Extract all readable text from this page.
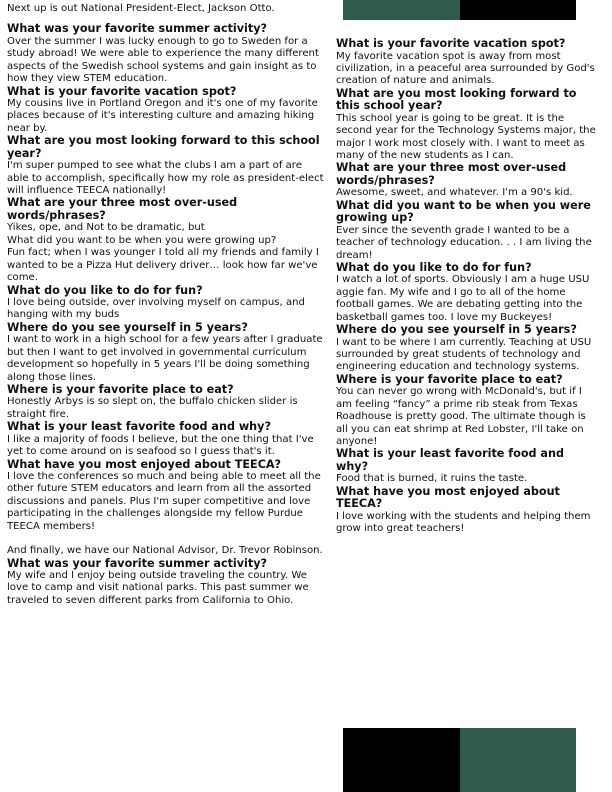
Next up is out National President-Elect, Jackson Otto.

What was your favorite summer activity?

Over the summer I was lucky enough to go to Sweden for a study abroad! We were able to experience the many different aspects of the Swedish school systems and gain insight as to how they view STEM education.

What is your favorite vacation spot?

My cousins live in Portland Oregon and it's one of my favorite places because of it's interesting culture and amazing hiking near by.

What are you most looking forward to this school year?

I'm super pumped to see what the clubs I am a part of are able to accomplish, specifically how my role as president-elect will influence TEECA nationally!

What are your three most over-used words/phrases?

Yikes, ope, and Not to be dramatic, but

What did you want to be when you were growing up?

Fun fact; when I was younger I told all my friends and family I wanted to be a Pizza Hut delivery driver… look how far we've come.

What do you like to do for fun?

I love being outside, over involving myself on campus, and hanging with my buds

Where do you see yourself in 5 years?

I want to work in a high school for a few years after I graduate but then I want to get involved in governmental curriculum development so hopefully in 5 years I'll be doing something along those lines.

Where is your favorite place to eat?

Honestly Arbys is so slept on, the buffalo chicken slider is straight fire.

What is your least favorite food and why?

I like a majority of foods I believe, but the one thing that I've yet to come around on is seafood so I guess that's it.

What have you most enjoyed about TEECA?

I love the conferences so much and being able to meet all the other future STEM educators and learn from all the assorted discussions and panels. Plus I'm super competitive and love participating in the challenges alongside my fellow Purdue TEECA members!

And finally, we have our National Advisor, Dr. Trevor Robinson.

What was your favorite summer activity?

My wife and I enjoy being outside traveling the country. We love to camp and visit national parks. This past summer we traveled to seven different parks from California to Ohio.

What is your favorite vacation spot?

My favorite vacation spot is away from most civilization, in a peaceful area surrounded by God's creation of nature and animals.

What are you most looking forward to this school year?

This school year is going to be great. It is the second year for the Technology Systems major, the major I work most closely with. I want to meet as many of the new students as I can.

What are your three most over-used words/phrases?

Awesome, sweet, and whatever. I'm a 90's kid.

What did you want to be when you were growing up?

Ever since the seventh grade I wanted to be a teacher of technology education. . . I am living the dream!

What do you like to do for fun?

I watch a lot of sports. Obviously I am a huge USU aggie fan. My wife and I go to all of the home football games. We are debating getting into the basketball games too. I love my Buckeyes!

Where do you see yourself in 5 years?

I want to be where I am currently. Teaching at USU surrounded by great students of technology and engineering education and technology systems.

Where is your favorite place to eat?

You can never go wrong with McDonald's, but if I am feeling “fancy” a prime rib steak from Texas Roadhouse is pretty good. The ultimate though is all you can eat shrimp at Red Lobster, I'll take on anyone!

What is your least favorite food and why?

Food that is burned, it ruins the taste.

What have you most enjoyed about TEECA?

I love working with the students and helping them grow into great teachers!
